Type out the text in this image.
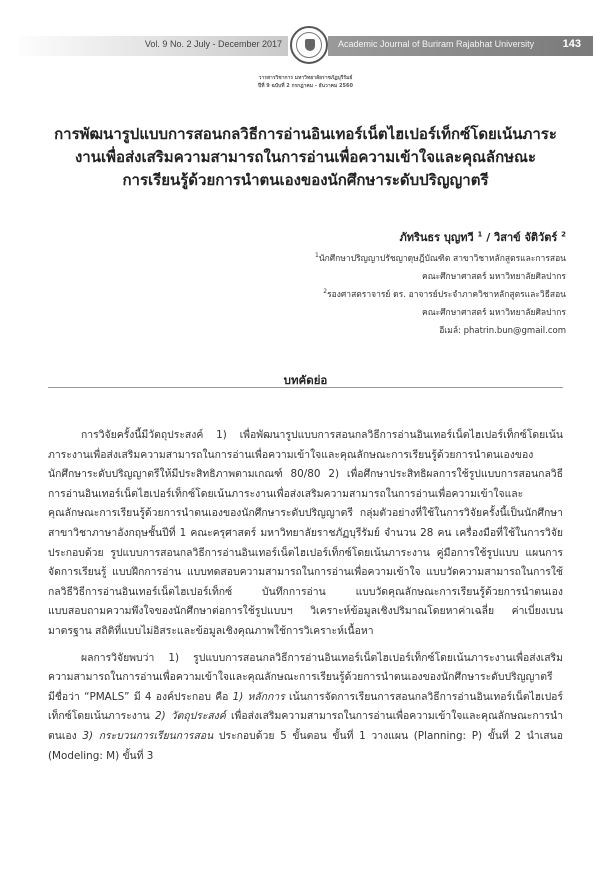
Vol. 9 No. 2 July - December 2017	Academic Journal of Buriram Rajabhat University	143
วารสารวิชาการ มหาวิทยาลัยราชภัฏบุรีรัมย์
ปีที่ 9 ฉบับที่ 2 กรกฎาคม - ธันวาคม 2560
การพัฒนารูปแบบการสอนกลวิธีการอ่านอินเทอร์เน็ตไฮเปอร์เท็กซ์โดยเน้นภาระ
งานเพื่อส่งเสริมความสามารถในการอ่านเพื่อความเข้าใจและคุณลักษณะ
การเรียนรู้ด้วยการนำตนเองของนักศึกษาระดับปริญญาตรี
ภัทรินธร บุญทวี $^1$ / วิสาข์ จัติวัตร์ $^2$
$^1$นักศึกษาปริญญาปรัชญาดุษฎีบัณฑิต สาขาวิชาหลักสูตรและการสอน
คณะศึกษาศาสตร์ มหาวิทยาลัยศิลปากร
$^2$รองศาสตราจารย์ ดร. อาจารย์ประจำภาควิชาหลักสูตรและวิธีสอน
คณะศึกษาศาสตร์ มหาวิทยาลัยศิลปากร
อีเมล์: phatrin.bun@gmail.com
บทคัดย่อ

การวิจัยครั้งนี้มีวัตถุประสงค์ 1) เพื่อพัฒนารูปแบบการสอนกลวิธีการอ่านอินเทอร์เน็ตไฮเปอร์เท็กซ์โดยเน้นภาระงานเพื่อส่งเสริมความสามารถในการอ่านเพื่อความเข้าใจและคุณลักษณะการเรียนรู้ด้วยการนำตนเองของนักศึกษาระดับปริญญาตรีให้มีประสิทธิภาพตามเกณฑ์ 80/80 2) เพื่อศึกษาประสิทธิผลการใช้รูปแบบการสอนกลวิธีการอ่านอินเทอร์เน็ตไฮเปอร์เท็กซ์โดยเน้นภาระงานเพื่อส่งเสริมความสามารถในการอ่านเพื่อความเข้าใจและคุณลักษณะการเรียนรู้ด้วยการนำตนเองของนักศึกษาระดับปริญญาตรี กลุ่มตัวอย่างที่ใช้ในการวิจัยครั้งนี้เป็นนักศึกษาสาขาวิชาภาษาอังกฤษชั้นปีที่ 1 คณะครุศาสตร์ มหาวิทยาลัยราชภัฏบุรีรัมย์ จำนวน 28 คน เครื่องมือที่ใช้ในการวิจัยประกอบด้วย รูปแบบการสอนกลวิธีการอ่านอินเทอร์เน็ตไฮเปอร์เท็กซ์โดยเน้นภาระงาน คู่มือการใช้รูปแบบ แผนการจัดการเรียนรู้ แบบฝึกการอ่าน แบบทดสอบความสามารถในการอ่านเพื่อความเข้าใจ แบบวัดความสามารถในการใช้กลวิธีวิธีการอ่านอินเทอร์เน็ตไฮเปอร์เท็กซ์ บันทึกการอ่าน แบบวัดคุณลักษณะการเรียนรู้ด้วยการนำตนเอง แบบสอบถามความพึงใจของนักศึกษาต่อการใช้รูปแบบฯ วิเคราะห์ข้อมูลเชิงปริมาณโดยหาค่าเฉลี่ย ค่าเบี่ยงเบนมาตรฐาน สถิติที่แบบไม่อิสระและข้อมูลเชิงคุณภาพใช้การวิเคราะห์เนื้อหา

ผลการวิจัยพบว่า 1) รูปแบบการสอนกลวิธีการอ่านอินเทอร์เน็ตไฮเปอร์เท็กซ์โดยเน้นภาระงานเพื่อส่งเสริมความสามารถในการอ่านเพื่อความเข้าใจและคุณลักษณะการเรียนรู้ด้วยการนำตนเองของนักศึกษาระดับปริญญาตรี มีชื่อว่า “PMALS” มี 4 องค์ประกอบ คือ 1) หลักการ เน้นการจัดการเรียนการสอนกลวิธีการอ่านอินเทอร์เน็ตไฮเปอร์เท็กซ์โดยเน้นภาระงาน 2) วัตถุประสงค์ เพื่อส่งเสริมความสามารถในการอ่านเพื่อความเข้าใจและคุณลักษณะการนำตนเอง 3) กระบวนการเรียนการสอน ประกอบด้วย 5 ขั้นตอน ขั้นที่ 1 วางแผน (Planning: P) ขั้นที่ 2 นำเสนอ (Modeling: M) ขั้นที่ 3
